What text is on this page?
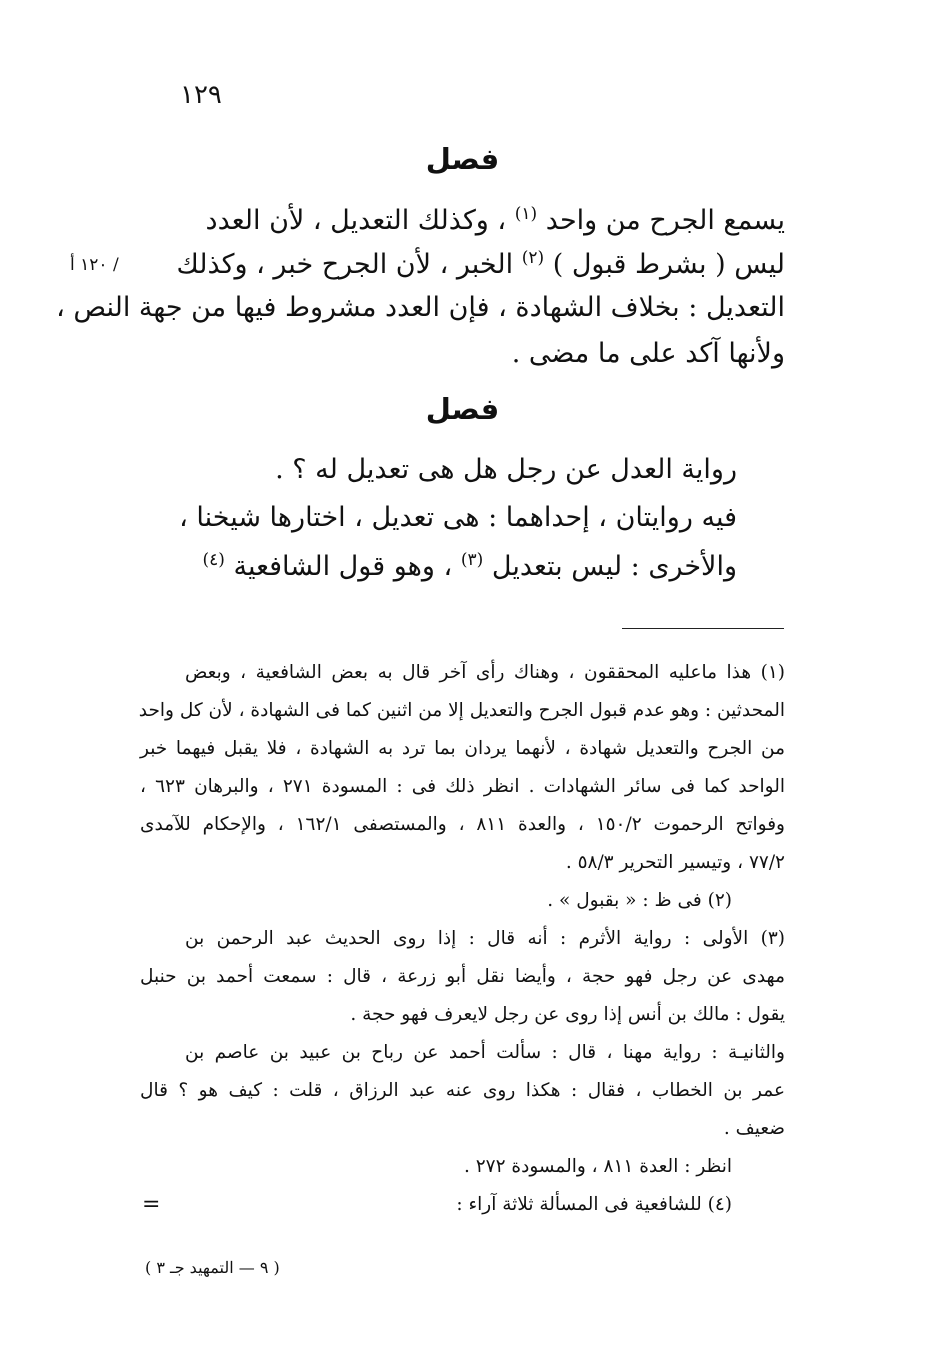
١٢٩
فصل
يسمع الجرح من واحد $^{(١)}$ ، وكذلك التعديل ، لأن العدد
ليس ( بشرط قبول ) $^{(٢)}$ الخبر ، لأن الجرح خبر ، وكذلك
/ ١٢٠ أ
التعديل : بخلاف الشهادة ، فإن العدد مشروط فيها من جهة النص ،
ولأنها آكد على ما مضى .
فصل
رواية العدل عن رجل هل هى تعديل له ؟ .
فيه روايتان ، إحداهما : هى تعديل ، اختارها شيخنا ،
والأخرى : ليس بتعديل $^{(٣)}$ ، وهو قول الشافعية $^{(٤)}$
(١) هذا ماعليه المحققون ، وهناك رأى آخر قال به بعض الشافعية ، وبعض
المحدثين : وهو عدم قبول الجرح والتعديل إلا من اثنين كما فى الشهادة ، لأن كل واحد
من الجرح والتعديل شهادة ، لأنهما يردان بما ترد به الشهادة ، فلا يقبل فيهما خبر
الواحد كما فى سائر الشهادات . انظر ذلك فى : المسودة ٢٧١ ، والبرهان ٦٢٣ ،
وفواتح الرحموت ١٥٠/٢ ، والعدة ٨١١ ، والمستصفى ١٦٢/١ ، والإحكام للآمدى
٧٧/٢ ، وتيسير التحرير ٥٨/٣ .
(٢) فى ظ : « بقبول » .
(٣) الأولى : رواية الأثرم : أنه قال : إذا روى الحديث عبد الرحمن بن
مهدى عن رجل فهو حجة ، وأيضا نقل أبو زرعة ، قال : سمعت أحمد بن حنبل
يقول : مالك بن أنس إذا روى عن رجل لايعرف فهو حجة .
والثانيـة : رواية مهنا ، قال : سألت أحمد عن رباح بن عبيد بن عاصم بن
عمر بن الخطاب ، فقال : هكذا روى عنه عبد الرزاق ، قلت : كيف هو ؟ قال
ضعيف .
انظر : العدة ٨١١ ، والمسودة ٢٧٢ .
(٤) للشافعية فى المسألة ثلاثة آراء :
=
( ٩ — التمهيد جـ ٣ )
